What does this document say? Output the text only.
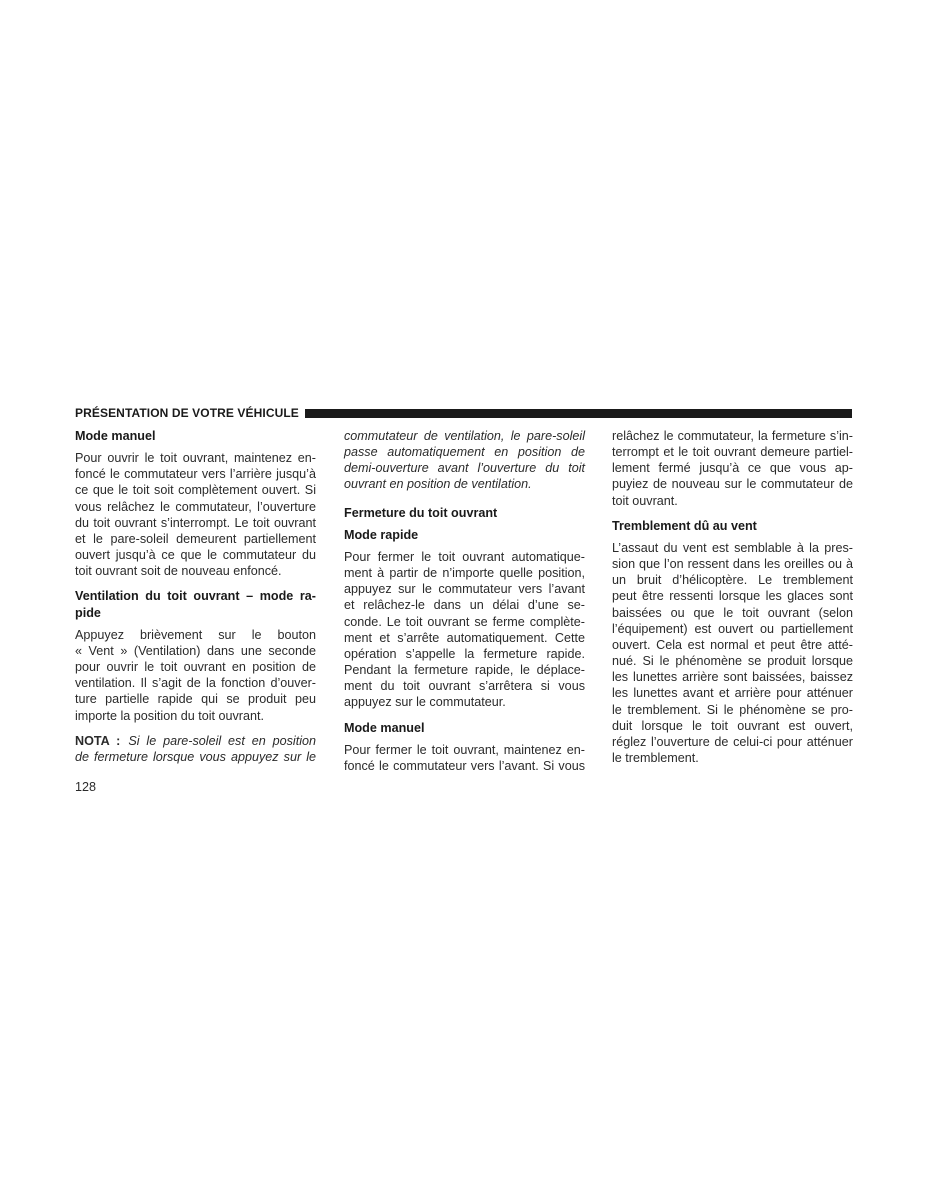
PRÉSENTATION DE VOTRE VÉHICULE
Mode manuel

Pour ouvrir le toit ouvrant, maintenez en-
foncé le commutateur vers l’arrière jusqu’à
ce que le toit soit complètement ouvert. Si
vous relâchez le commutateur, l’ouverture
du toit ouvrant s’interrompt. Le toit ouvrant
et le pare-soleil demeurent partiellement
ouvert jusqu’à ce que le commutateur du
toit ouvrant soit de nouveau enfoncé.

Ventilation du toit ouvrant – mode ra-
pide

Appuyez brièvement sur le bouton
« Vent » (Ventilation) dans une seconde
pour ouvrir le toit ouvrant en position de
ventilation. Il s’agit de la fonction d’ouver-
ture partielle rapide qui se produit peu
importe la position du toit ouvrant.

NOTA : Si le pare-soleil est en position
de fermeture lorsque vous appuyez sur le

commutateur de ventilation, le pare-soleil
passe automatiquement en position de
demi-ouverture avant l’ouverture du toit
ouvrant en position de ventilation.

Fermeture du toit ouvrant
Mode rapide

Pour fermer le toit ouvrant automatique-
ment à partir de n’importe quelle position,
appuyez sur le commutateur vers l’avant
et relâchez-le dans un délai d’une se-
conde. Le toit ouvrant se ferme complète-
ment et s’arrête automatiquement. Cette
opération s’appelle la fermeture rapide.
Pendant la fermeture rapide, le déplace-
ment du toit ouvrant s’arrêtera si vous
appuyez sur le commutateur.

Mode manuel

Pour fermer le toit ouvrant, maintenez en-
foncé le commutateur vers l’avant. Si vous

relâchez le commutateur, la fermeture s’in-
terrompt et le toit ouvrant demeure partiel-
lement fermé jusqu’à ce que vous ap-
puyiez de nouveau sur le commutateur de
toit ouvrant.

Tremblement dû au vent

L’assaut du vent est semblable à la pres-
sion que l’on ressent dans les oreilles ou à
un bruit d’hélicoptère. Le tremblement
peut être ressenti lorsque les glaces sont
baissées ou que le toit ouvrant (selon
l’équipement) est ouvert ou partiellement
ouvert. Cela est normal et peut être atté-
nué. Si le phénomène se produit lorsque
les lunettes arrière sont baissées, baissez
les lunettes avant et arrière pour atténuer
le tremblement. Si le phénomène se pro-
duit lorsque le toit ouvrant est ouvert,
réglez l’ouverture de celui-ci pour atténuer
le tremblement.

128
